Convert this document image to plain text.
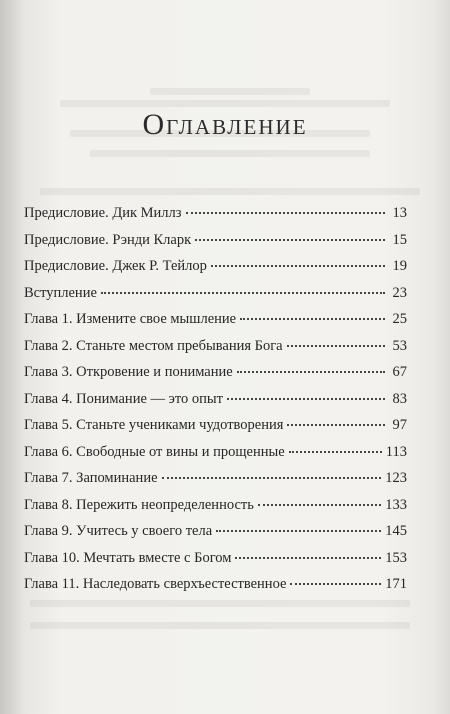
Оглавление
Предисловие. Дик Миллз	13
Предисловие. Рэнди Кларк	15
Предисловие. Джек Р. Тейлор	19
Вступление	23
Глава 1. Измените свое мышление	25
Глава 2. Станьте местом пребывания Бога	53
Глава 3. Откровение и понимание	67
Глава 4. Понимание — это опыт	83
Глава 5. Станьте учениками чудотворения	97
Глава 6. Свободные от вины и прощенные	113
Глава 7. Запоминание	123
Глава 8. Пережить неопределенность	133
Глава 9. Учитесь у своего тела	145
Глава 10. Мечтать вместе с Богом	153
Глава 11. Наследовать сверхъестественное	171
